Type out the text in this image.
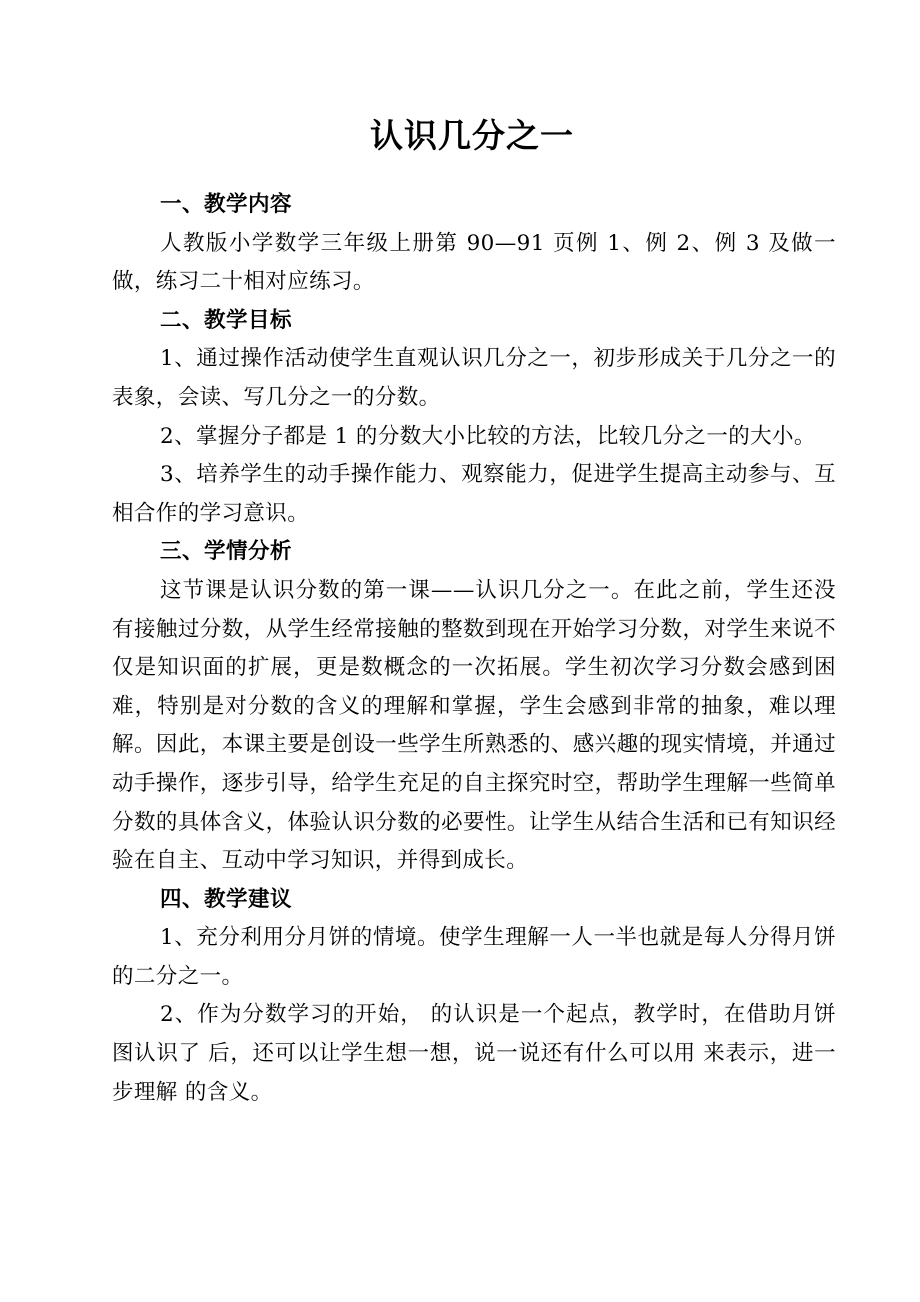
认识几分之一

一、教学内容

人教版小学数学三年级上册第 90—91 页例 1、例 2、例 3 及做一做，练习二十相对应练习。

二、教学目标

1、通过操作活动使学生直观认识几分之一，初步形成关于几分之一的表象，会读、写几分之一的分数。

2、掌握分子都是 1 的分数大小比较的方法，比较几分之一的大小。

3、培养学生的动手操作能力、观察能力，促进学生提高主动参与、互相合作的学习意识。

三、学情分析

这节课是认识分数的第一课——认识几分之一。在此之前，学生还没有接触过分数，从学生经常接触的整数到现在开始学习分数，对学生来说不仅是知识面的扩展，更是数概念的一次拓展。学生初次学习分数会感到困难，特别是对分数的含义的理解和掌握，学生会感到非常的抽象，难以理解。因此，本课主要是创设一些学生所熟悉的、感兴趣的现实情境，并通过动手操作，逐步引导，给学生充足的自主探究时空，帮助学生理解一些简单分数的具体含义，体验认识分数的必要性。让学生从结合生活和已有知识经验在自主、互动中学习知识，并得到成长。

四、教学建议

1、充分利用分月饼的情境。使学生理解一人一半也就是每人分得月饼的二分之一。

2、作为分数学习的开始， 的认识是一个起点，教学时，在借助月饼图认识了 后，还可以让学生想一想，说一说还有什么可以用 来表示，进一步理解 的含义。
